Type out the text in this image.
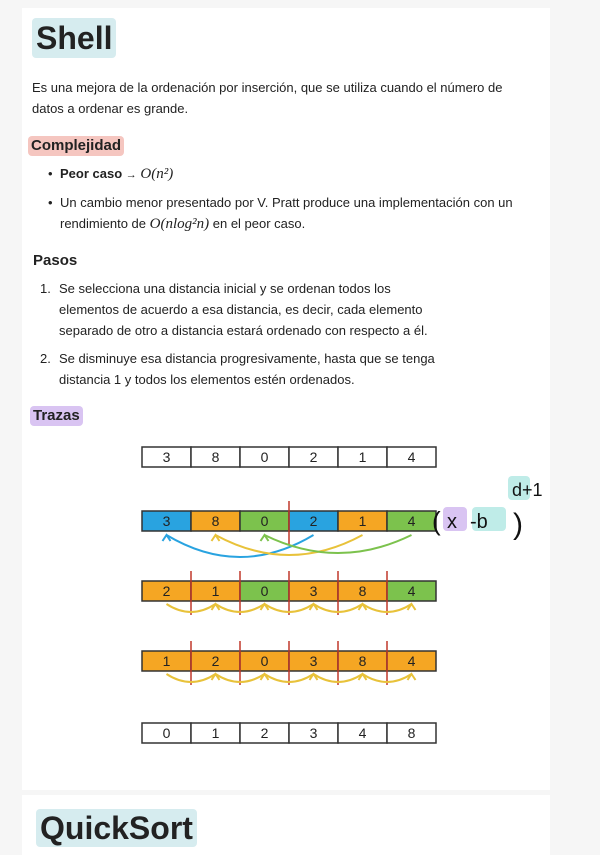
Shell
Es una mejora de la ordenación por inserción, que se utiliza cuando el número de datos a ordenar es grande.
Complejidad
• Peor caso → O(n²)
• Un cambio menor presentado por V. Pratt produce una implementación con un rendimiento de O(nlog²n) en el peor caso.
Pasos
1. Se selecciona una distancia inicial y se ordenan todos los elementos de acuerdo a esa distancia, es decir, cada elemento separado de otro a distancia estará ordenado con respecto a él.
2. Se disminuye esa distancia progresivamente, hasta que se tenga distancia 1 y todos los elementos estén ordenados.
Trazas
3	8	0	2	1	4
3	8	0	2	1	4
2	1	0	3	8	4
1	2	0	3	8	4
0	1	2	3	4	8
QuickSort
( x -b )
d+1
